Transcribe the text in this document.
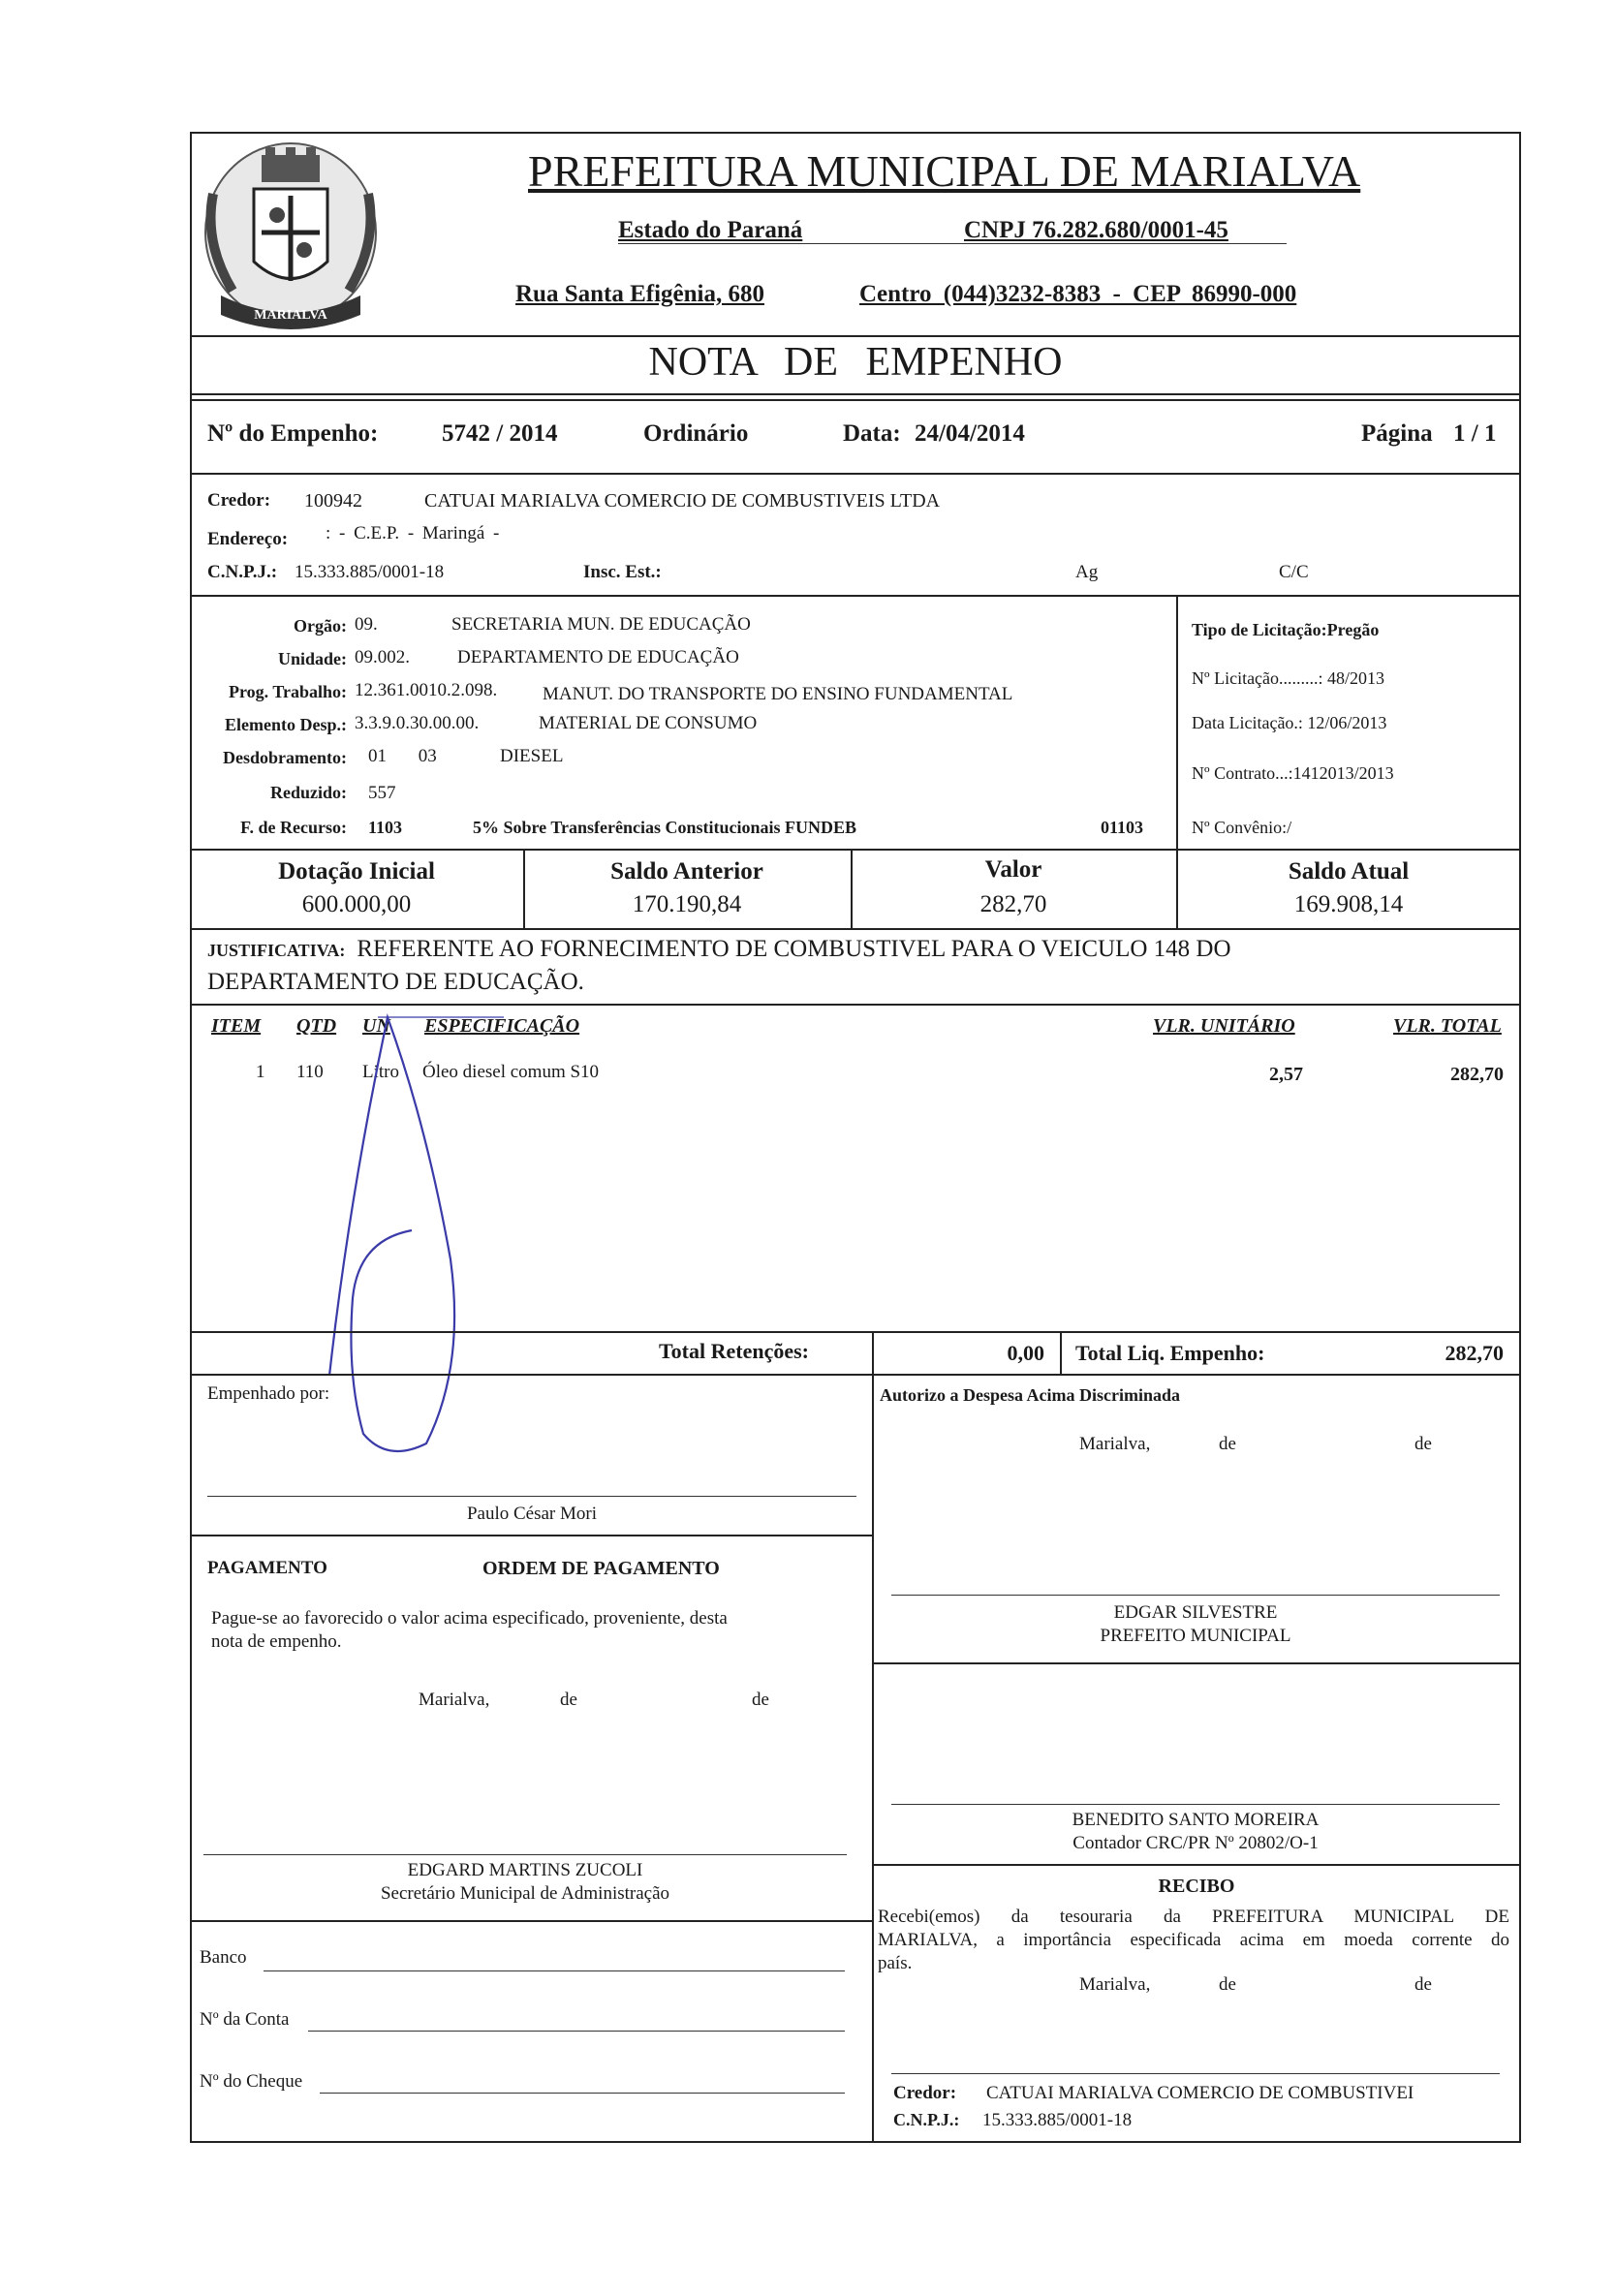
MARIALVA
PREFEITURA MUNICIPAL DE MARIALVA
Estado do Paraná	CNPJ 76.282.680/0001-45
Rua Santa Efigênia, 680	Centro (044)3232-8383 - CEP 86990-000
NOTA DE EMPENHO
Nº do Empenho:	5742 / 2014	Ordinário	Data: 24/04/2014	Página 1 / 1
Credor: 100942	CATUAI MARIALVA COMERCIO DE COMBUSTIVEIS LTDA
Endereço: : - C.E.P. - Maringá -
C.N.P.J.: 15.333.885/0001-18	Insc. Est.:	Ag	C/C
Orgão: 09.	SECRETARIA MUN. DE EDUCAÇÃO
Unidade: 09.002.	DEPARTAMENTO DE EDUCAÇÃO
Prog. Trabalho: 12.361.0010.2.098. MANUT. DO TRANSPORTE DO ENSINO FUNDAMENTAL
Elemento Desp.: 3.3.9.0.30.00.00.	MATERIAL DE CONSUMO
Desdobramento: 01 03	DIESEL
Reduzido: 557
F. de Recurso: 1103	5% Sobre Transferências Constitucionais FUNDEB	01103
Tipo de Licitação:Pregão
Nº Licitação.........: 48/2013
Data Licitação.: 12/06/2013
Nº Contrato...:1412013/2013
Nº Convênio:/
Dotação Inicial
600.000,00
Saldo Anterior
170.190,84
Valor
282,70
Saldo Atual
169.908,14
JUSTIFICATIVA: REFERENTE AO FORNECIMENTO DE COMBUSTIVEL PARA O VEICULO 148 DO
DEPARTAMENTO DE EDUCAÇÃO.
ITEM QTD UN ESPECIFICAÇÃO	VLR. UNITÁRIO	VLR. TOTAL
1 110 Litro Óleo diesel comum S10	2,57	282,70
Total Retenções:	0,00 Total Liq. Empenho:	282,70
Empenhado por:
Paulo César Mori
PAGAMENTO	ORDEM DE PAGAMENTO
Pague-se ao favorecido o valor acima especificado, proveniente, desta
nota de empenho.
Marialva,	de	de
EDGARD MARTINS ZUCOLI
Secretário Municipal de Administração
Banco
Nº da Conta
Nº do Cheque
Autorizo a Despesa Acima Discriminada
Marialva,	de	de
EDGAR SILVESTRE
PREFEITO MUNICIPAL
BENEDITO SANTO MOREIRA
Contador CRC/PR Nº 20802/O-1
RECIBO
Recebi(emos) da tesouraria da PREFEITURA MUNICIPAL DE
MARIALVA, a importância especificada acima em moeda corrente do
país.
Marialva,	de	de
Credor: CATUAI MARIALVA COMERCIO DE COMBUSTIVEI
C.N.P.J.: 15.333.885/0001-18
